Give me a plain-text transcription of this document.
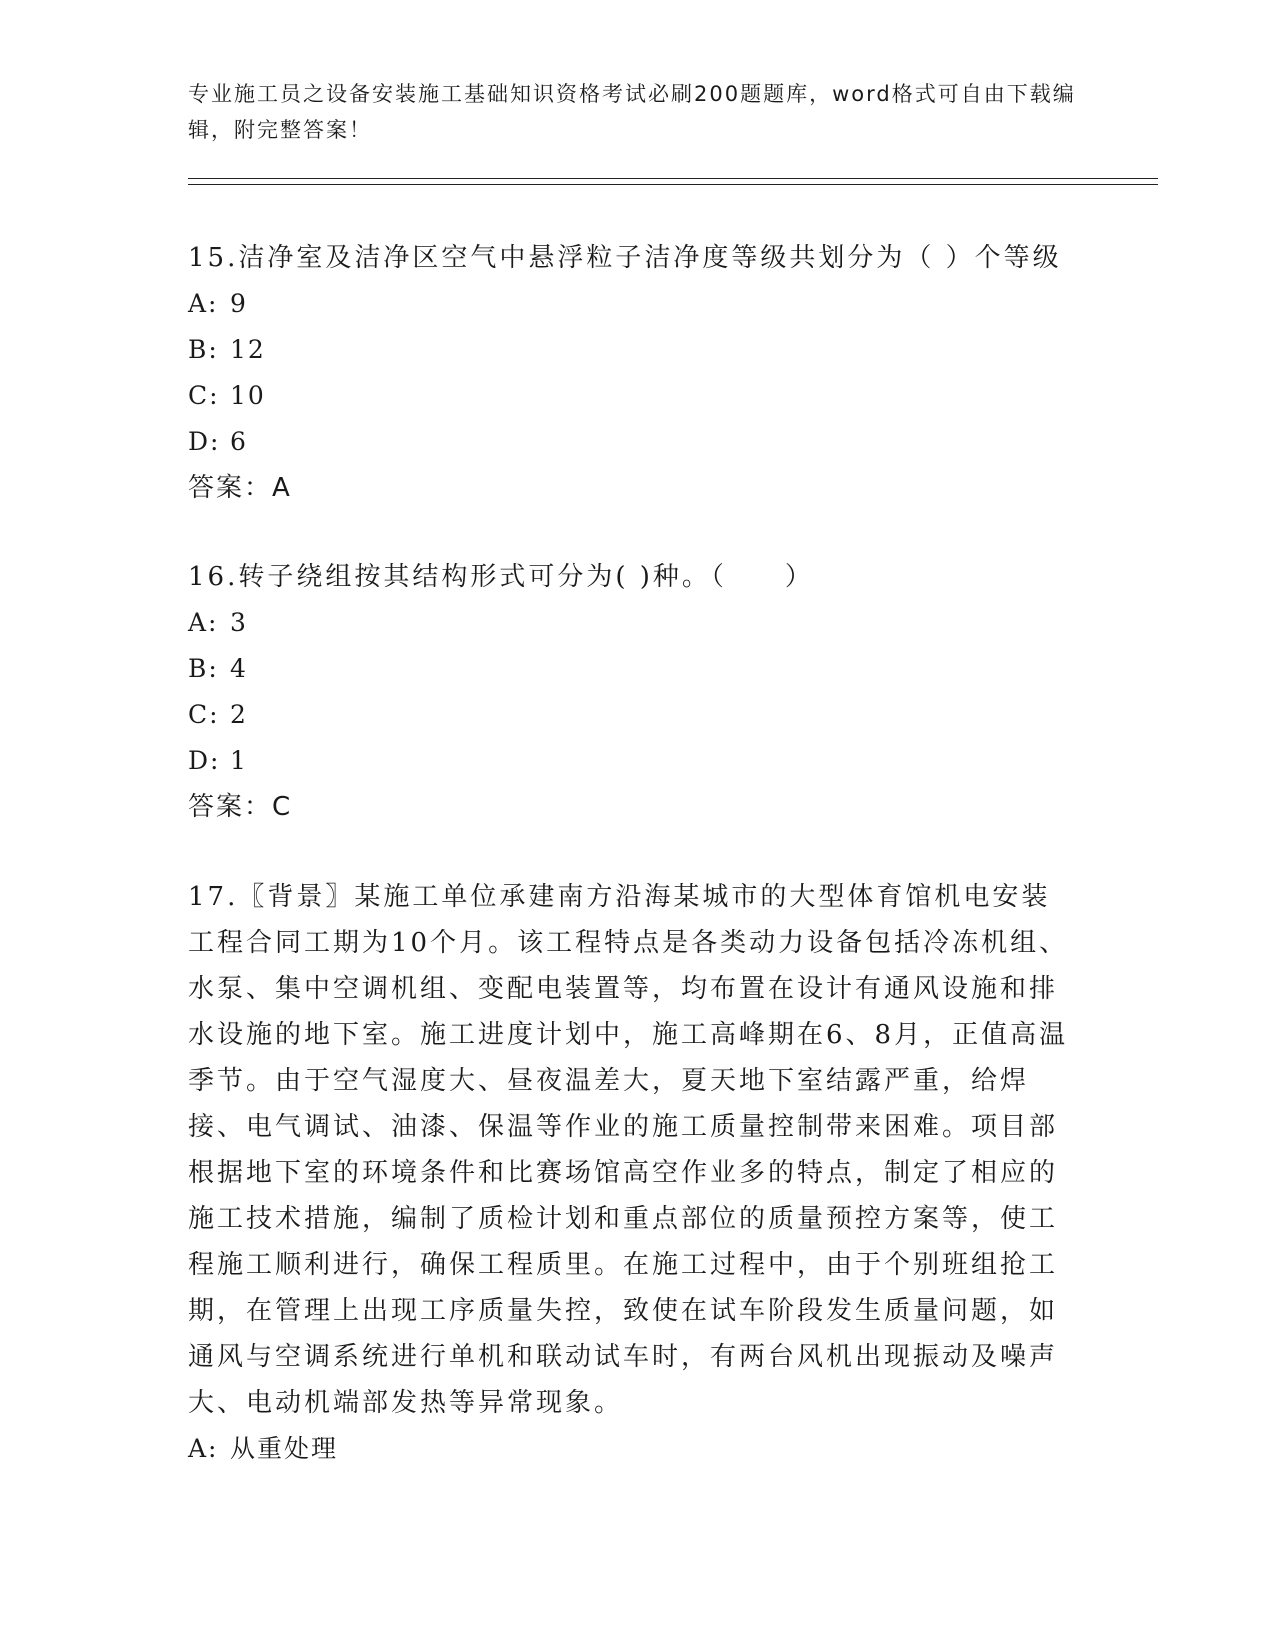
专业施工员之设备安装施工基础知识资格考试必刷200题题库，word格式可自由下载编辑，附完整答案！
15.洁净室及洁净区空气中悬浮粒子洁净度等级共划分为（ ）个等级
A: 9
B: 12
C: 10
D: 6
答案：A
16.转子绕组按其结构形式可分为( )种。（　　）
A: 3
B: 4
C: 2
D: 1
答案：C
17.〖背景〗某施工单位承建南方沿海某城市的大型体育馆机电安装工程合同工期为10个月。该工程特点是各类动力设备包括冷冻机组、水泵、集中空调机组、变配电装置等，均布置在设计有通风设施和排水设施的地下室。施工进度计划中，施工高峰期在6、8月，正值高温季节。由于空气湿度大、昼夜温差大，夏天地下室结露严重，给焊接、电气调试、油漆、保温等作业的施工质量控制带来困难。项目部根据地下室的环境条件和比赛场馆高空作业多的特点，制定了相应的施工技术措施，编制了质检计划和重点部位的质量预控方案等，使工程施工顺利进行，确保工程质里。在施工过程中，由于个别班组抢工期，在管理上出现工序质量失控，致使在试车阶段发生质量问题，如通风与空调系统进行单机和联动试车时，有两台风机出现振动及噪声大、电动机端部发热等异常现象。
A: 从重处理
